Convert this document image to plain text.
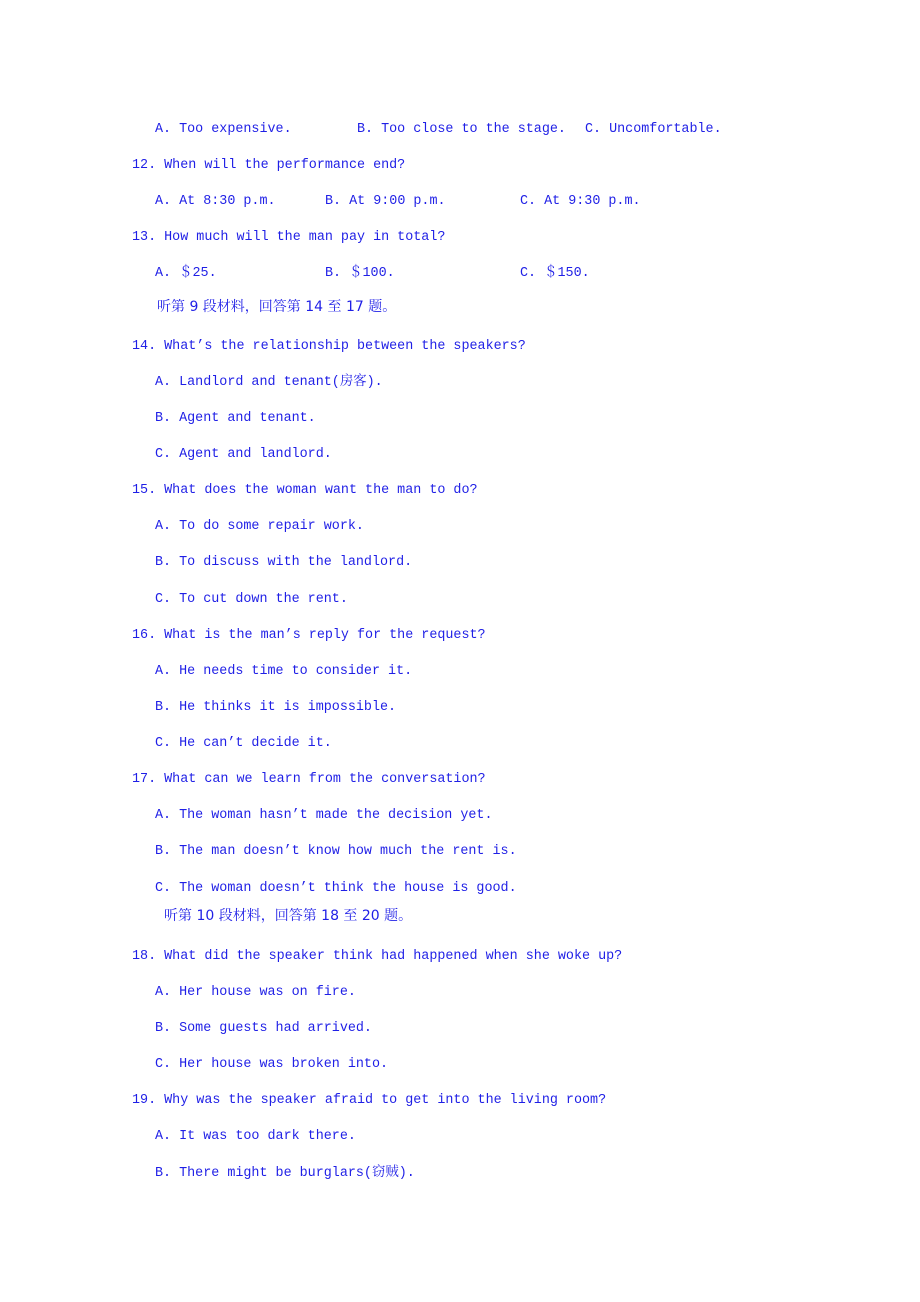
A. Too expensive.	B. Too close to the stage. C. Uncomfortable.
12. When will the performance end?
A. At 8:30 p.m.	B. At 9:00 p.m.	C. At 9:30 p.m.
13. How much will the man pay in total?
A. ＄25.	B. ＄100.	C. ＄150.
听第 9 段材料，回答第 14 至 17 题。
14. What’s the relationship between the speakers?
A. Landlord and tenant(房客).
B. Agent and tenant.
C. Agent and landlord.
15. What does the woman want the man to do?
A. To do some repair work.
B. To discuss with the landlord.
C. To cut down the rent.
16. What is the man’s reply for the request?
A. He needs time to consider it.
B. He thinks it is impossible.
C. He can’t decide it.
17. What can we learn from the conversation?
A. The woman hasn’t made the decision yet.
B. The man doesn’t know how much the rent is.
C. The woman doesn’t think the house is good.
听第 10 段材料，回答第 18 至 20 题。
18. What did the speaker think had happened when she woke up?
A. Her house was on fire.
B. Some guests had arrived.
C. Her house was broken into.
19. Why was the speaker afraid to get into the living room?
A. It was too dark there.
B. There might be burglars(窃贼).
